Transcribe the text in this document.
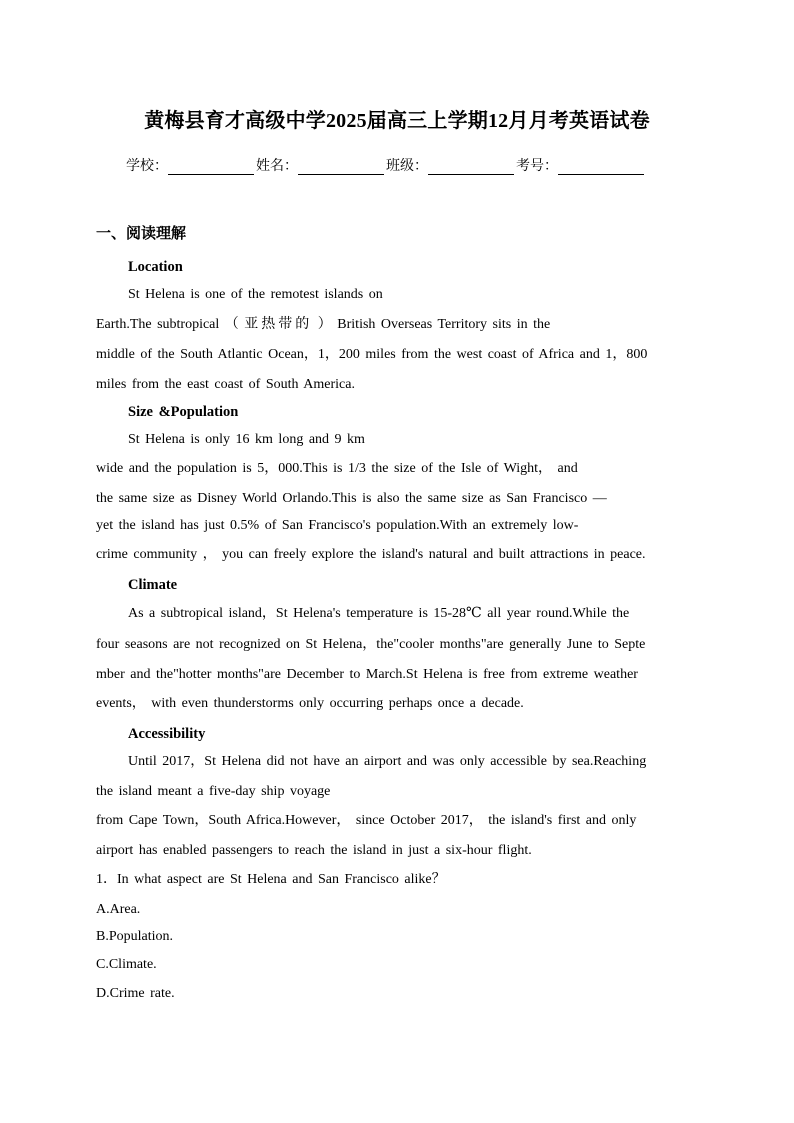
黄梅县育才高级中学2025届高三上学期12月月考英语试卷
学校：	姓名：	班级：	考号：
一、阅读理解
Location
St Helena is one of the remotest islands on
Earth.The subtropical （ 亚热带的 ） British Overseas Territory sits in the
middle of the South Atlantic Ocean，1，200 miles from the west coast of Africa and 1，800
miles from the east coast of South America.
Size &Population
St Helena is only 16 km long and 9 km
wide and the population is 5，000.This is 1/3 the size of the Isle of Wight， and
the same size as Disney World Orlando.This is also the same size as San Francisco —
yet the island has just 0.5% of San Francisco's population.With an extremely low-
crime community ， you can freely explore the island's natural and built attractions in peace.
Climate
As a subtropical island，St Helena's temperature is 15-28℃ all year round.While the
four seasons are not recognized on St Helena，the"cooler months"are generally June to Septe
mber and the"hotter months"are December to March.St Helena is free from extreme weather
events， with even thunderstorms only occurring perhaps once a decade.
Accessibility
Until 2017，St Helena did not have an airport and was only accessible by sea.Reaching
the island meant a five-day ship voyage
from Cape Town，South Africa.However， since October 2017， the island's first and only
airport has enabled passengers to reach the island in just a six-hour flight.
1．In what aspect are St Helena and San Francisco alike？
A.Area.
B.Population.
C.Climate.
D.Crime rate.
